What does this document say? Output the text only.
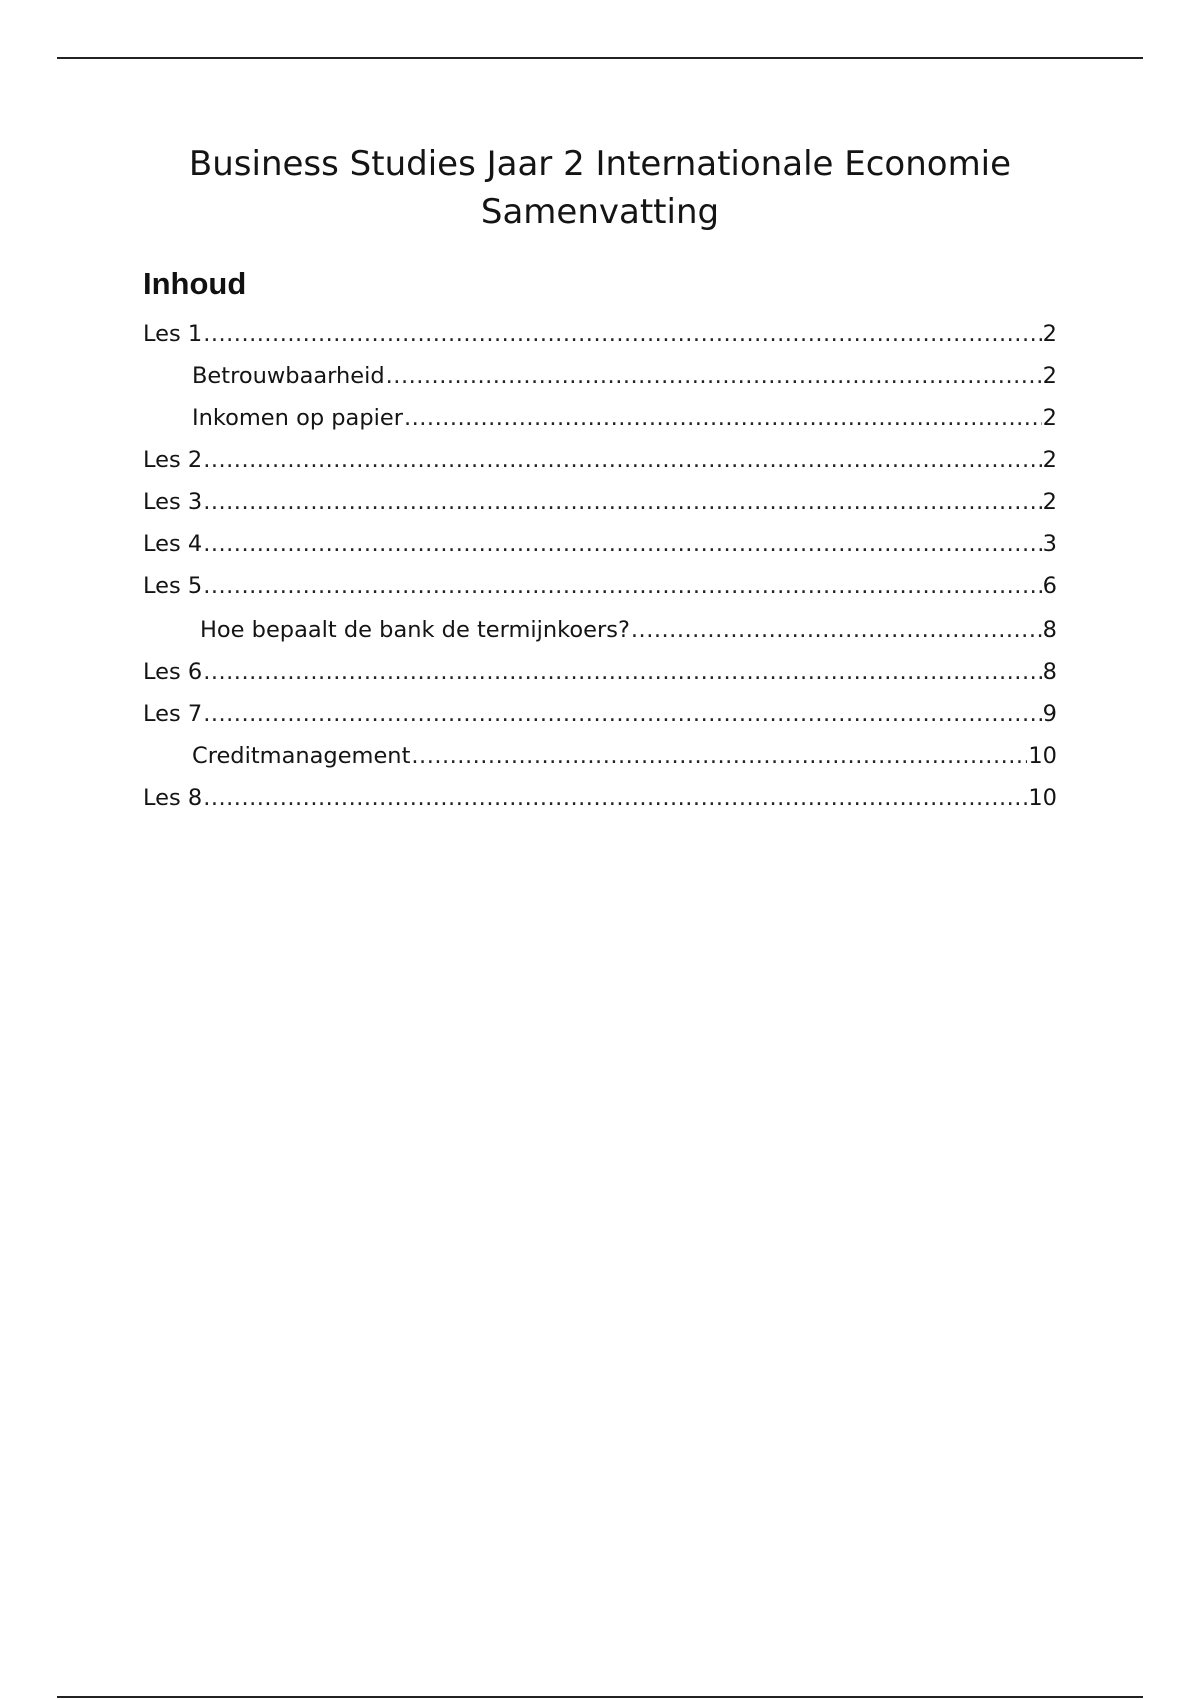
Business Studies Jaar 2 Internationale Economie
Samenvatting
Inhoud
Les 1 .....	2
Betrouwbaarheid .....	2
Inkomen op papier .....	2
Les 2 .....	2
Les 3 .....	2
Les 4 .....	3
Les 5 .....	6
Hoe bepaalt de bank de termijnkoers? .....	8
Les 6 .....	8
Les 7 .....	9
Creditmanagement .....	10
Les 8 .....	10
